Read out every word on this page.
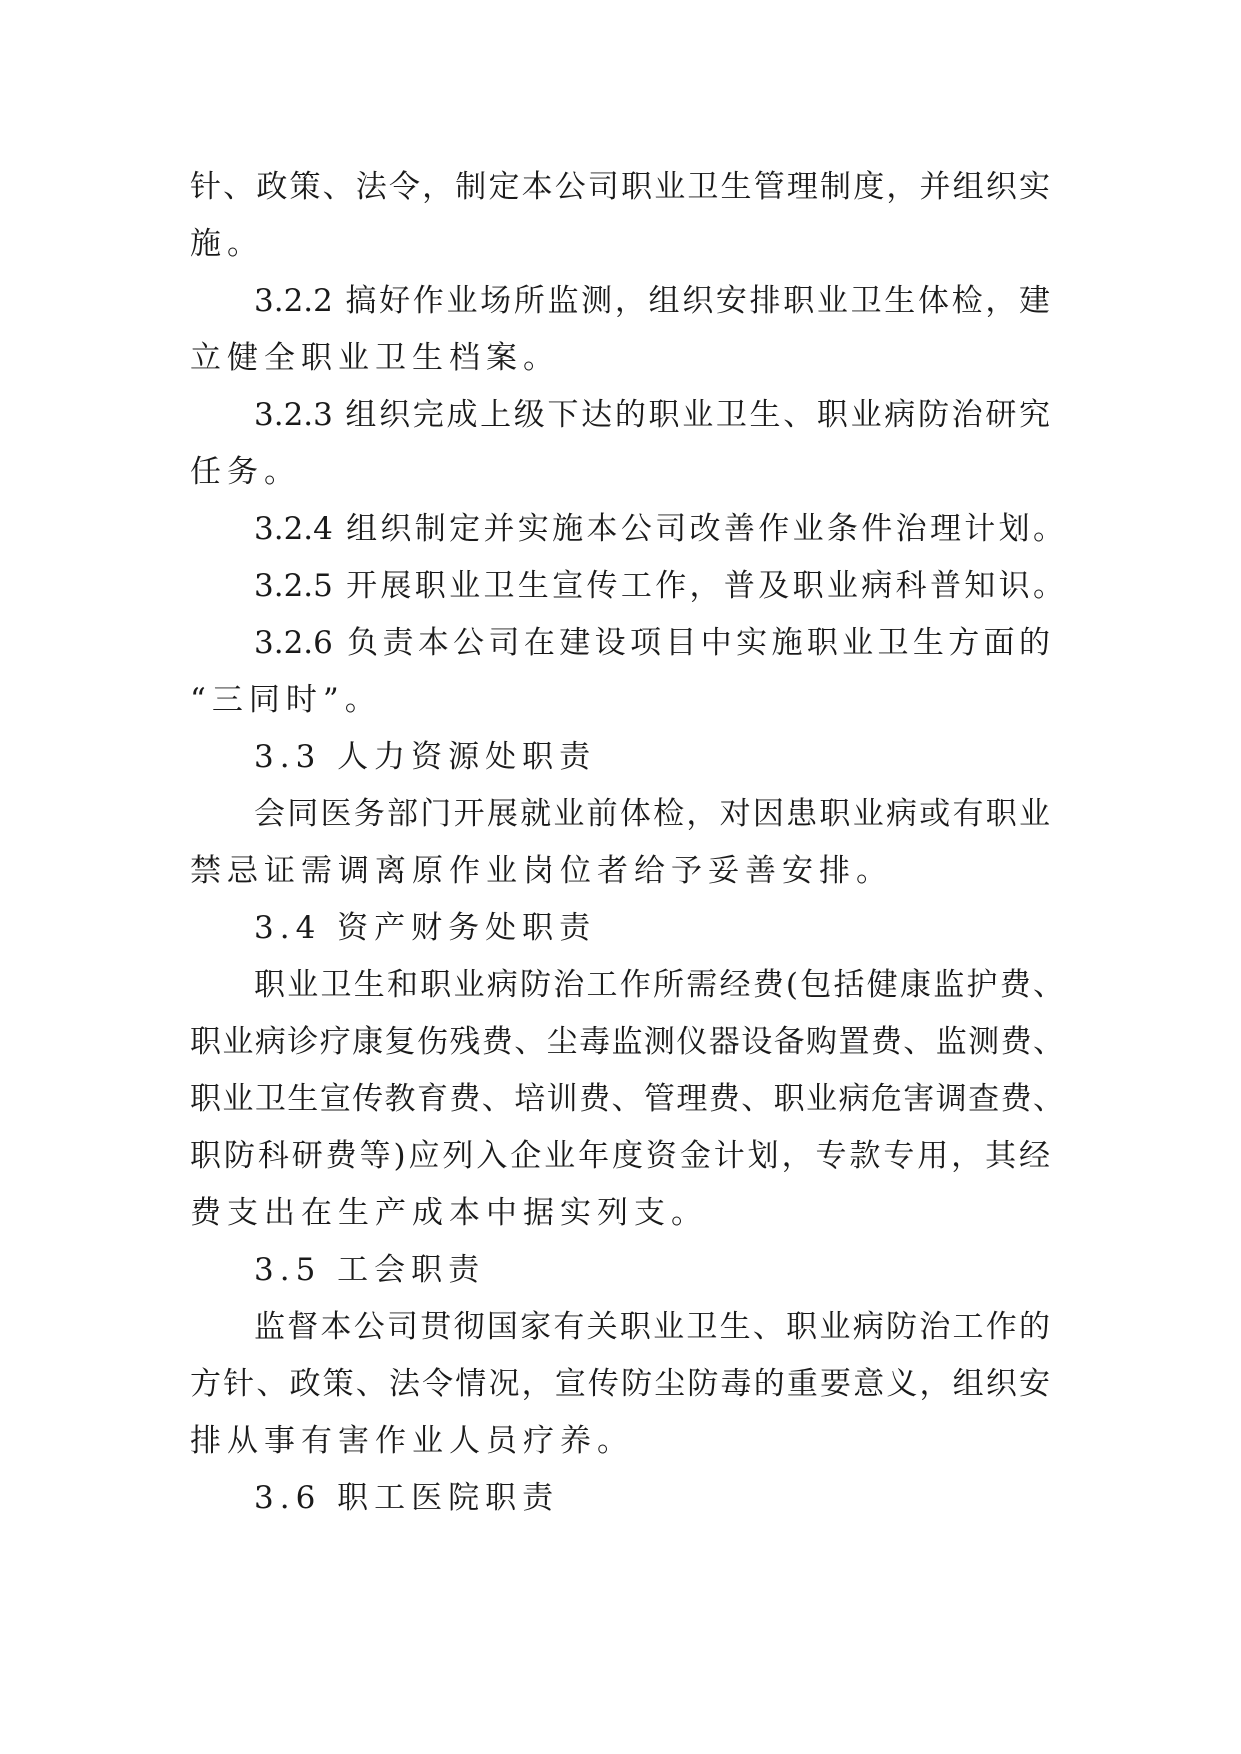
针、政策、法令，制定本公司职业卫生管理制度，并组织实
施。
3.2.2 搞好作业场所监测，组织安排职业卫生体检，建
立健全职业卫生档案。
3.2.3 组织完成上级下达的职业卫生、职业病防治研究
任务。
3.2.4 组织制定并实施本公司改善作业条件治理计划。
3.2.5 开展职业卫生宣传工作，普及职业病科普知识。
3.2.6 负责本公司在建设项目中实施职业卫生方面的
“三同时”。
3.3 人力资源处职责
会同医务部门开展就业前体检，对因患职业病或有职业
禁忌证需调离原作业岗位者给予妥善安排。
3.4 资产财务处职责
职业卫生和职业病防治工作所需经费(包括健康监护费、
职业病诊疗康复伤残费、尘毒监测仪器设备购置费、监测费、
职业卫生宣传教育费、培训费、管理费、职业病危害调查费、
职防科研费等)应列入企业年度资金计划，专款专用，其经
费支出在生产成本中据实列支。
3.5 工会职责
监督本公司贯彻国家有关职业卫生、职业病防治工作的
方针、政策、法令情况，宣传防尘防毒的重要意义，组织安
排从事有害作业人员疗养。
3.6 职工医院职责
